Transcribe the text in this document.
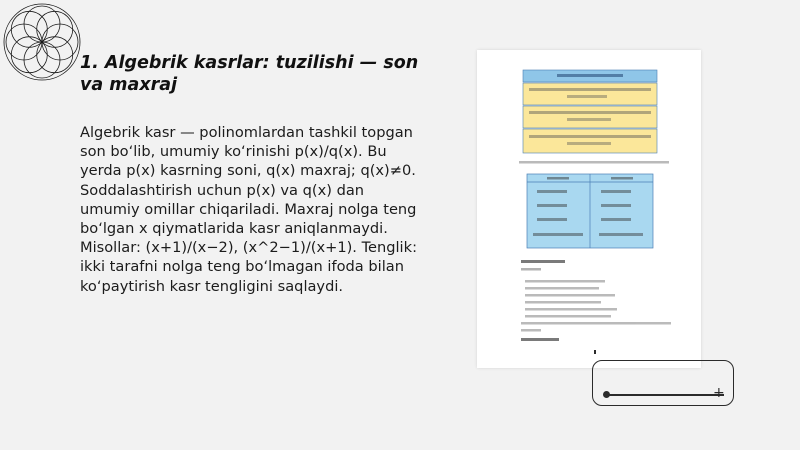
1. Algebrik kasrlar: tuzilishi — son va maxraj

Algebrik kasr — polinomlardan tashkil topgan son bo‘lib, umumiy ko‘rinishi p(x)/q(x). Bu yerda p(x) kasrning soni, q(x) maxraj; q(x)≠0. Soddalashtirish uchun p(x) va q(x) dan umumiy omillar chiqariladi. Maxraj nolga teng bo‘lgan x qiymatlarida kasr aniqlanmaydi. Misollar: (x+1)/(x−2), (x^2−1)/(x+1). Tenglik: ikki tarafni nolga teng bo‘lmagan ifoda bilan ko‘paytirish kasr tengligini saqlaydi.

+
